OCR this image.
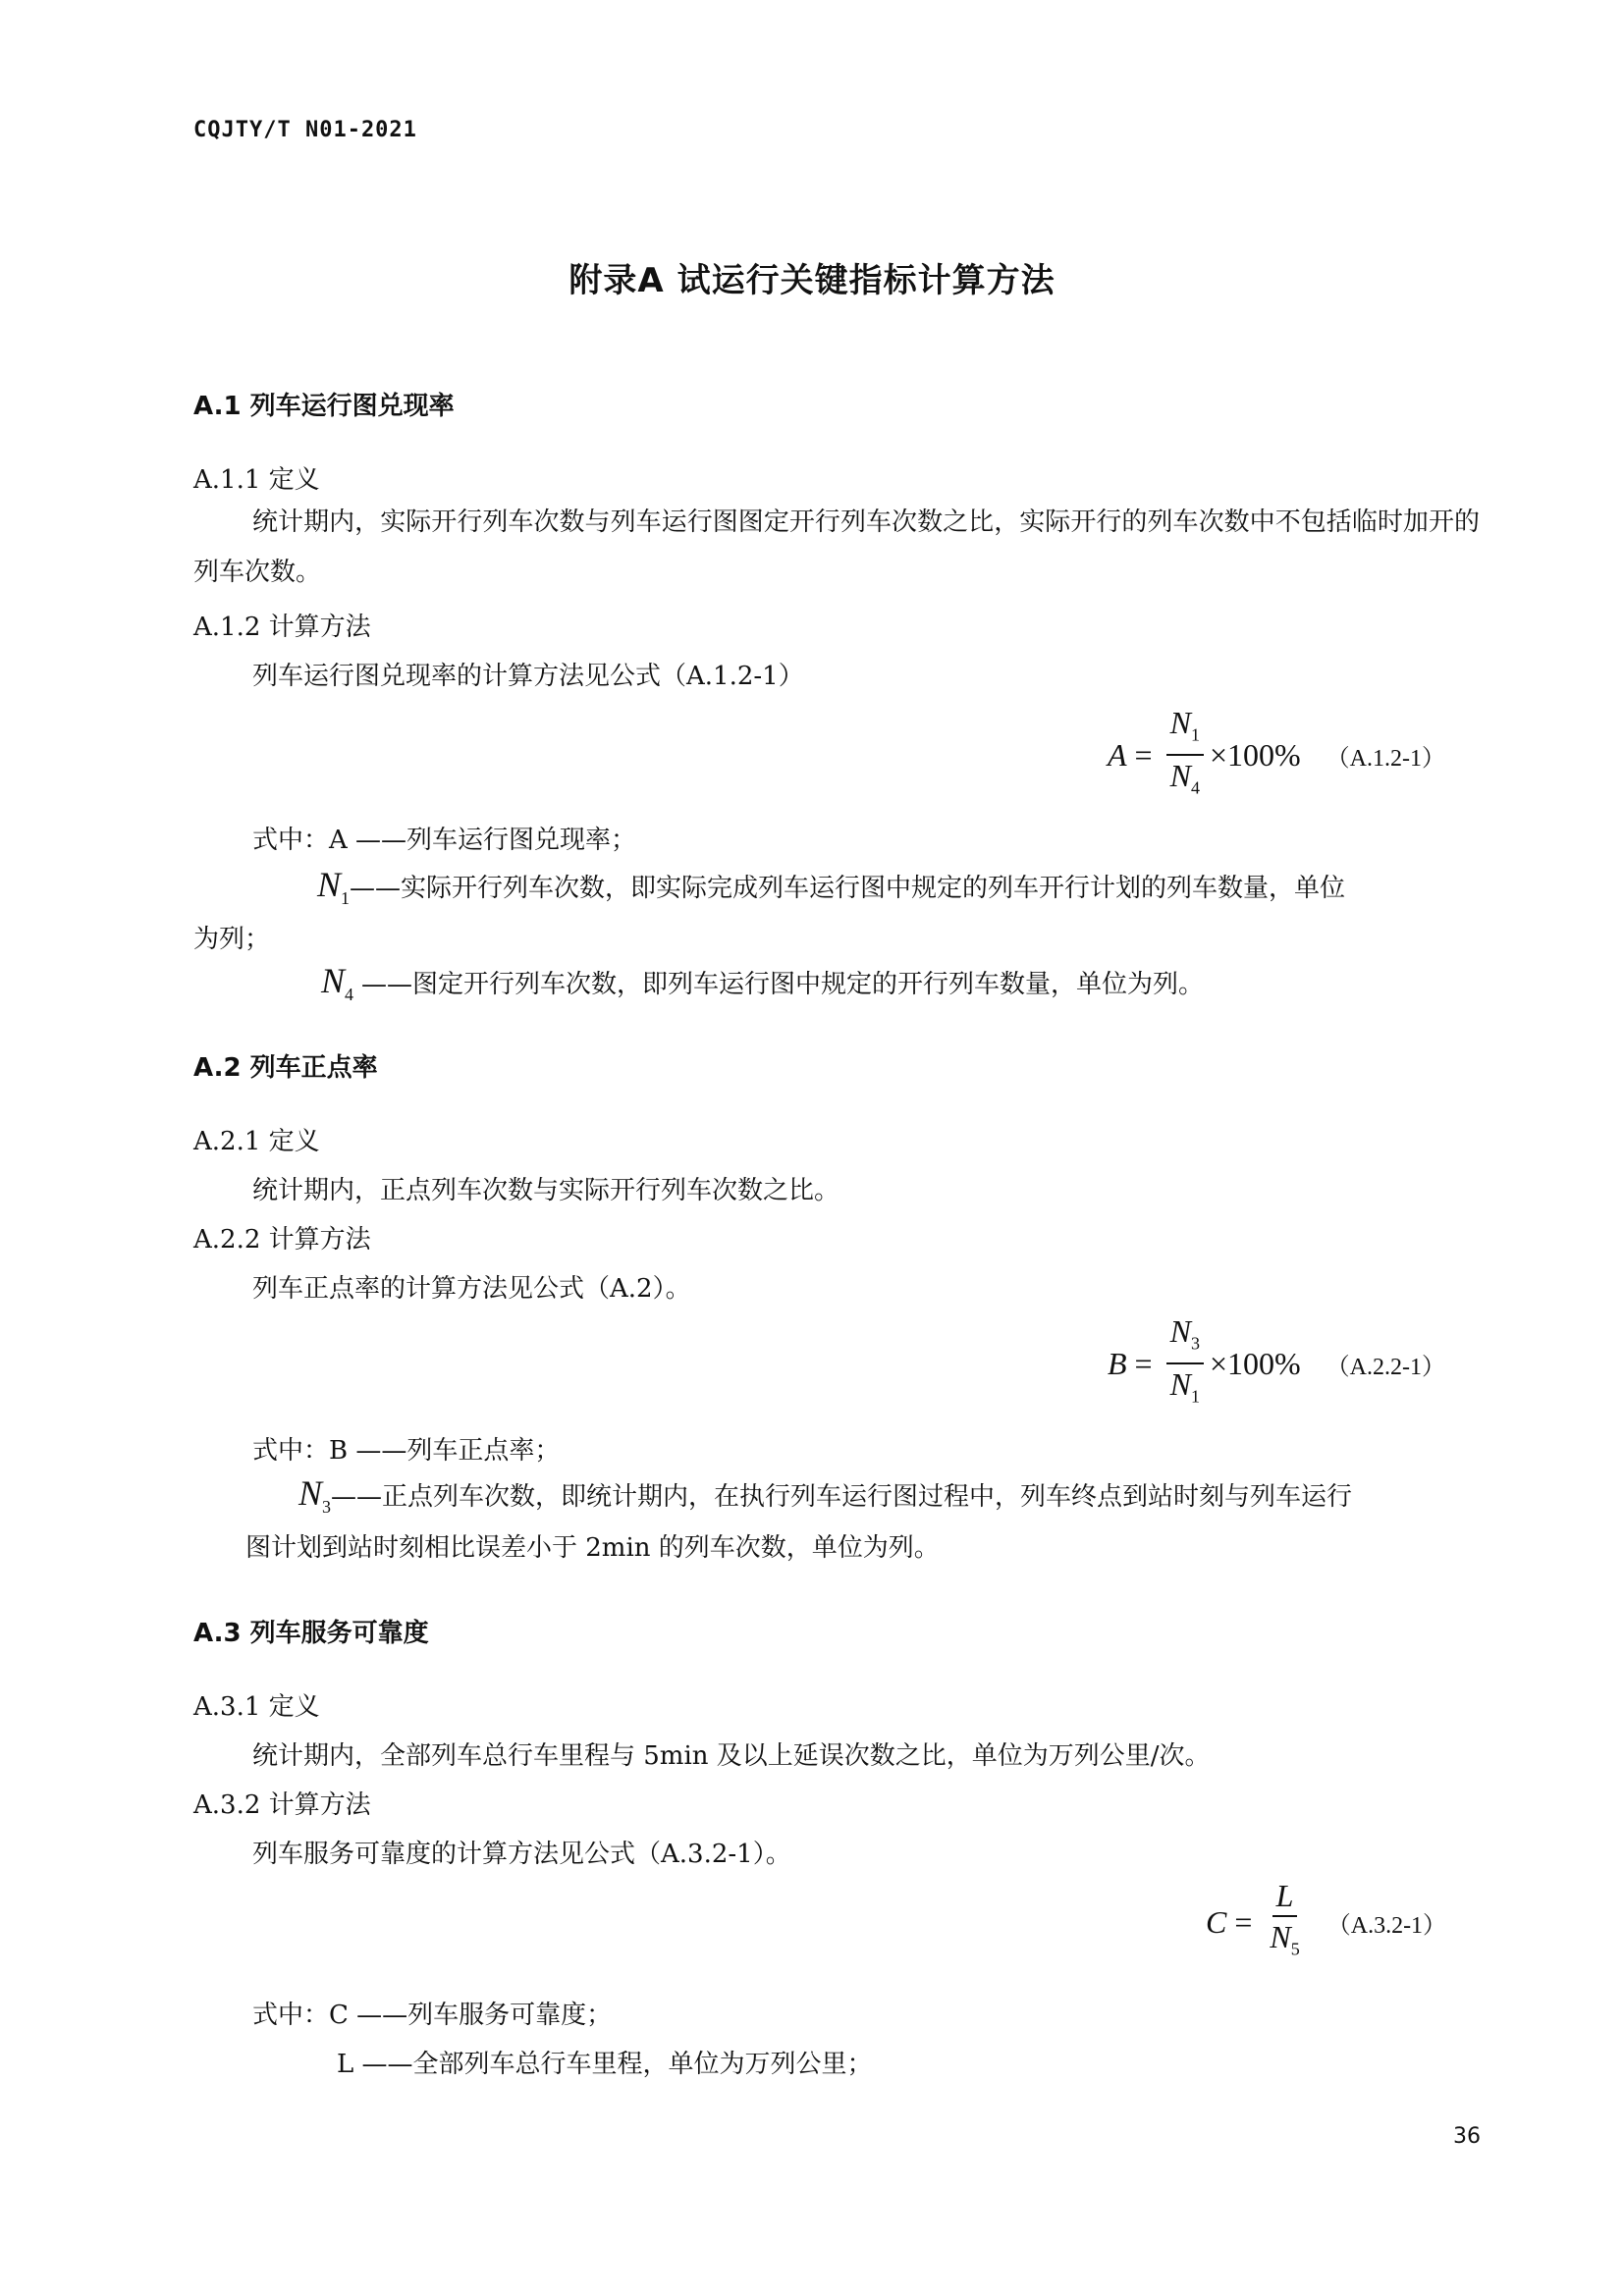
CQJTY/T N01-2021
附录A 试运行关键指标计算方法
A.1 列车运行图兑现率
A.1.1 定义
统计期内，实际开行列车次数与列车运行图图定开行列车次数之比，实际开行的列车次数中不包括临时加开的列车次数。
A.1.2 计算方法
列车运行图兑现率的计算方法见公式（A.1.2-1）
$A = \frac{N_1}{N_4} \times 100\%$ （A.1.2-1）
式中：A ——列车运行图兑现率；
$N_1——$实际开行列车次数，即实际完成列车运行图中规定的列车开行计划的列车数量，单位
为列；
$N_4$ ——图定开行列车次数，即列车运行图中规定的开行列车数量，单位为列。
A.2 列车正点率
A.2.1 定义
统计期内，正点列车次数与实际开行列车次数之比。
A.2.2 计算方法
列车正点率的计算方法见公式（A.2）。
$B = \frac{N_3}{N_1} \times 100\%$ （A.2.2-1）
式中：B ——列车正点率；
$N_3——$正点列车次数，即统计期内，在执行列车运行图过程中，列车终点到站时刻与列车运行
图计划到站时刻相比误差小于 2min 的列车次数，单位为列。
A.3 列车服务可靠度
A.3.1 定义
统计期内，全部列车总行车里程与 5min 及以上延误次数之比，单位为万列公里/次。
A.3.2 计算方法
列车服务可靠度的计算方法见公式（A.3.2-1）。
$C = \frac{L}{N_5} (A.3.2-1)$
式中：C ——列车服务可靠度；
L ——全部列车总行车里程，单位为万列公里；
36
